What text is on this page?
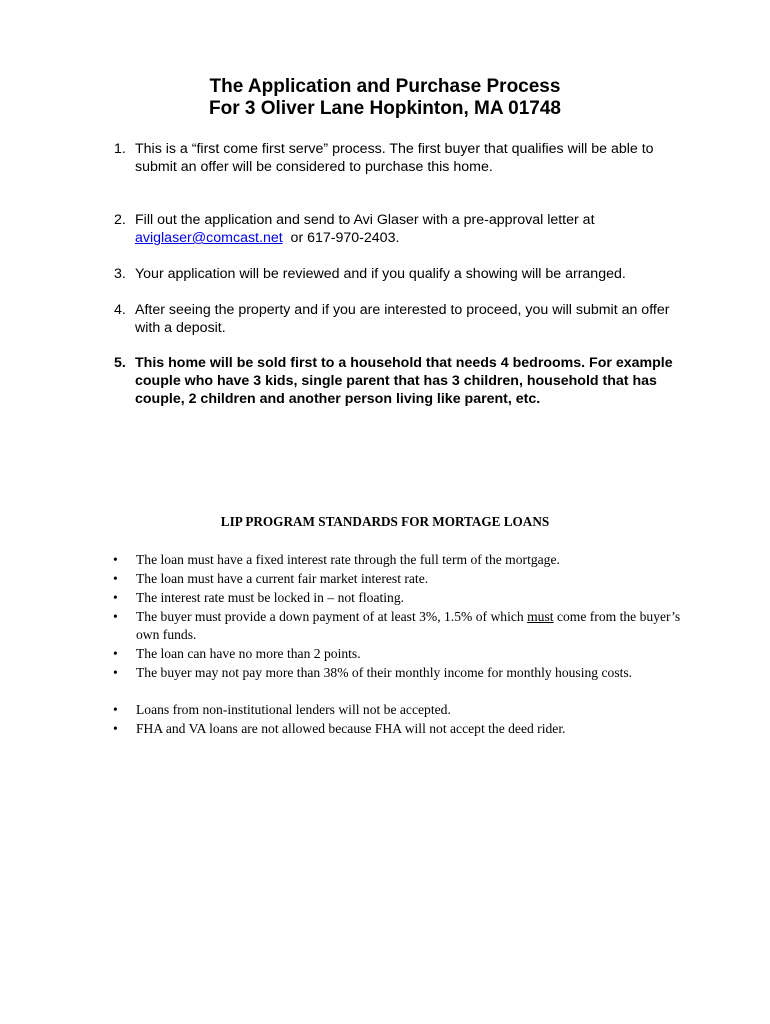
The Application and Purchase Process
For 3 Oliver Lane Hopkinton, MA 01748
1. This is a “first come first serve” process. The first buyer that qualifies will be able to submit an offer will be considered to purchase this home.
2. Fill out the application and send to Avi Glaser with a pre-approval letter at aviglaser@comcast.net  or 617-970-2403.
3. Your application will be reviewed and if you qualify a showing will be arranged.
4. After seeing the property and if you are interested to proceed, you will submit an offer with a deposit.
5. This home will be sold first to a household that needs 4 bedrooms. For example couple who have 3 kids, single parent that has 3 children, household that has couple, 2 children and another person living like parent, etc.
LIP PROGRAM STANDARDS FOR MORTAGE LOANS
•	The loan must have a fixed interest rate through the full term of the mortgage.
•	The loan must have a current fair market interest rate.
•	The interest rate must be locked in – not floating.
•	The buyer must provide a down payment of at least 3%, 1.5% of which must come from the buyer’s own funds.
•	The loan can have no more than 2 points.
•	The buyer may not pay more than 38% of their monthly income for monthly housing costs.
•	Loans from non-institutional lenders will not be accepted.
•	FHA and VA loans are not allowed because FHA will not accept the deed rider.
